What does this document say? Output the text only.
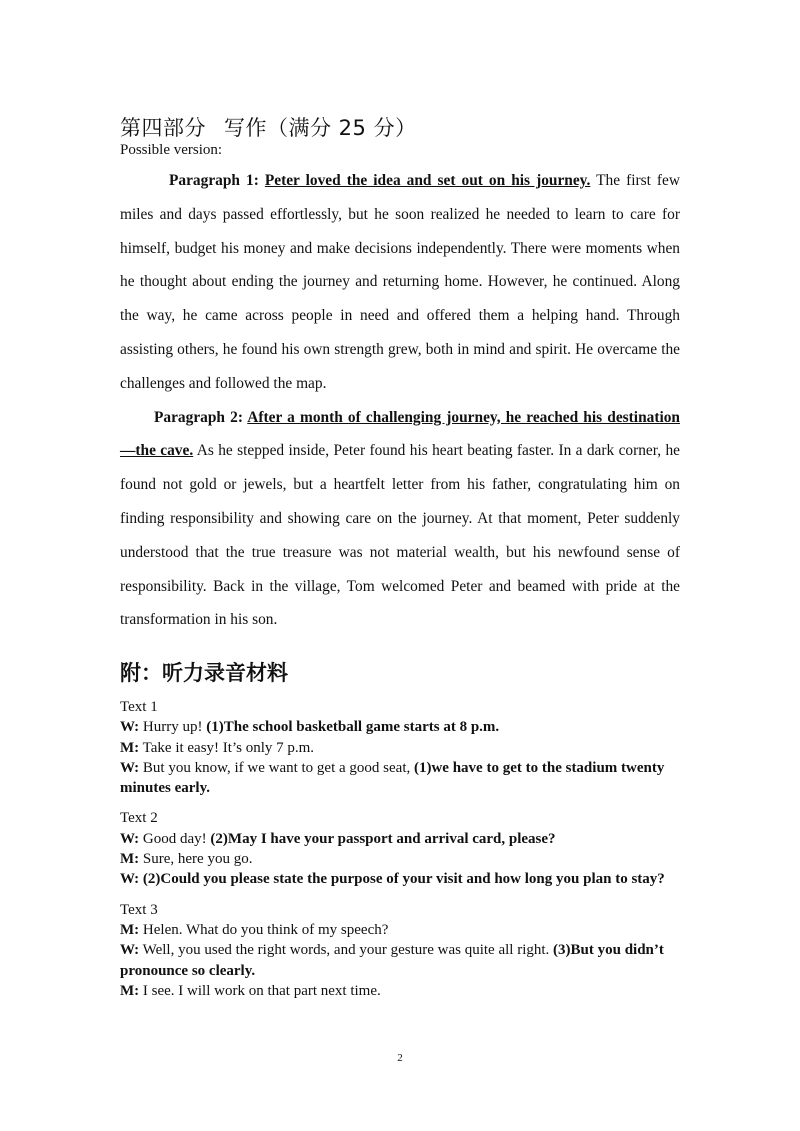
第四部分 写作（满分 25 分）
Possible version:

Paragraph 1: Peter loved the idea and set out on his journey. The first few miles and days passed effortlessly, but he soon realized he needed to learn to care for himself, budget his money and make decisions independently. There were moments when he thought about ending the journey and returning home. However, he continued. Along the way, he came across people in need and offered them a helping hand. Through assisting others, he found his own strength grew, both in mind and spirit. He overcame the challenges and followed the map.

Paragraph 2: After a month of challenging journey, he reached his destination—the cave. As he stepped inside, Peter found his heart beating faster. In a dark corner, he found not gold or jewels, but a heartfelt letter from his father, congratulating him on finding responsibility and showing care on the journey. At that moment, Peter suddenly understood that the true treasure was not material wealth, but his newfound sense of responsibility. Back in the village, Tom welcomed Peter and beamed with pride at the transformation in his son.

附：听力录音材料
Text 1
W: Hurry up! (1)The school basketball game starts at 8 p.m.
M: Take it easy! It’s only 7 p.m.
W: But you know, if we want to get a good seat, (1)we have to get to the stadium twenty minutes early.
Text 2
W: Good day! (2)May I have your passport and arrival card, please?
M: Sure, here you go.
W: (2)Could you please state the purpose of your visit and how long you plan to stay?
Text 3
M: Helen. What do you think of my speech?
W: Well, you used the right words, and your gesture was quite all right. (3)But you didn’t pronounce so clearly.
M: I see. I will work on that part next time.
2
